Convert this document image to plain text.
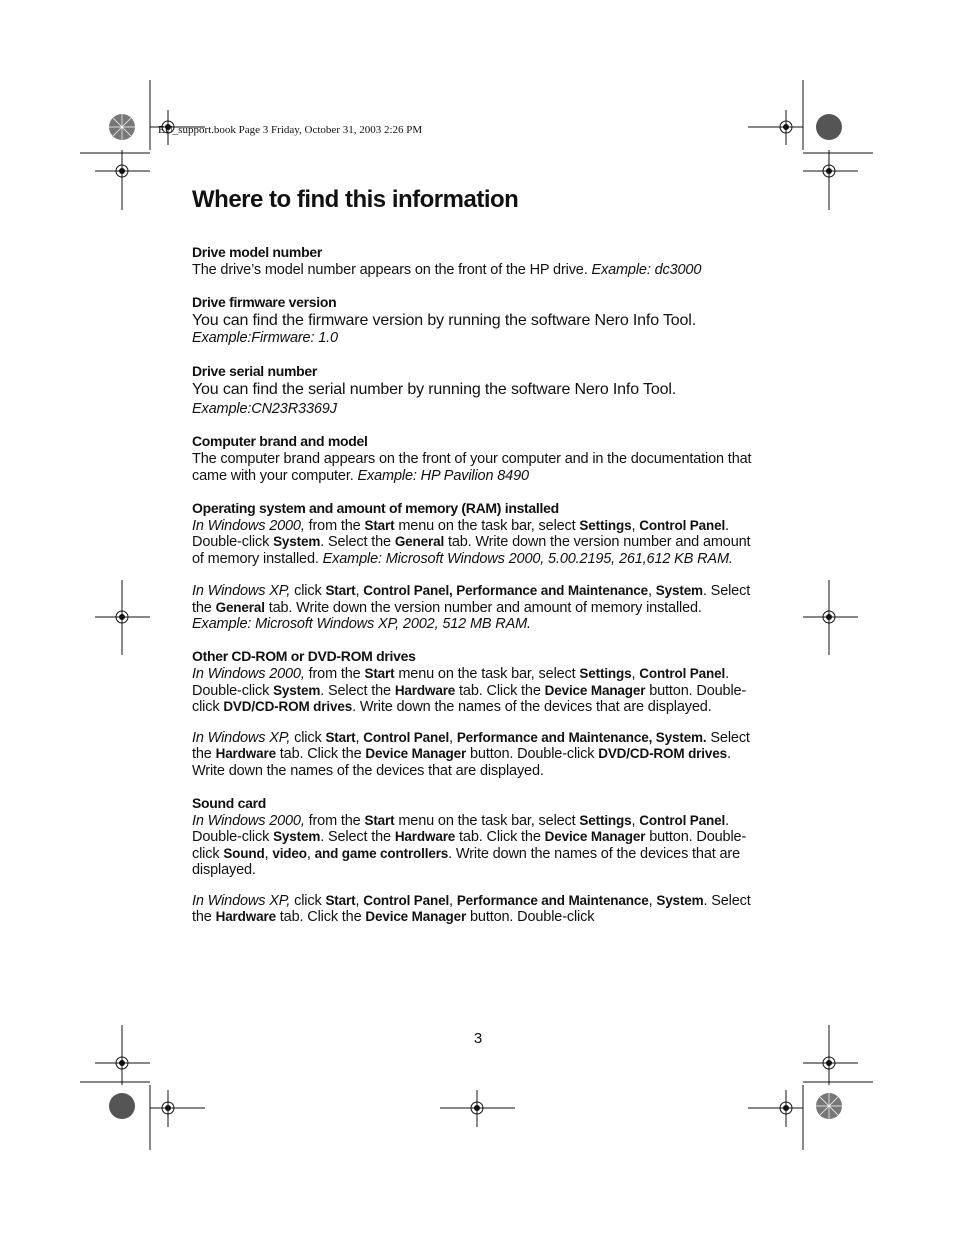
EU_support.book Page 3 Friday, October 31, 2003 2:26 PM
Where to find this information
Drive model number

The drive’s model number appears on the front of the HP drive. Example: dc3000

Drive firmware version

You can find the firmware version by running the software Nero Info Tool.

Example:Firmware: 1.0

Drive serial number

You can find the serial number by running the software Nero Info Tool.

Example:CN23R3369J

Computer brand and model

The computer brand appears on the front of your computer and in the documentation that came with your computer. Example: HP Pavilion 8490

Operating system and amount of memory (RAM) installed

In Windows 2000, from the Start menu on the task bar, select Settings, Control Panel. Double-click System. Select the General tab. Write down the version number and amount of memory installed. Example: Microsoft Windows 2000, 5.00.2195, 261,612 KB RAM.

In Windows XP, click Start, Control Panel, Performance and Maintenance, System. Select the General tab. Write down the version number and amount of memory installed. Example: Microsoft Windows XP, 2002, 512 MB RAM.

Other CD-ROM or DVD-ROM drives

In Windows 2000, from the Start menu on the task bar, select Settings, Control Panel. Double-click System. Select the Hardware tab. Click the Device Manager button. Double-click DVD/CD-ROM drives. Write down the names of the devices that are displayed.

In Windows XP, click Start, Control Panel, Performance and Maintenance, System. Select the Hardware tab. Click the Device Manager button. Double-click DVD/CD-ROM drives. Write down the names of the devices that are displayed.

Sound card

In Windows 2000, from the Start menu on the task bar, select Settings, Control Panel. Double-click System. Select the Hardware tab. Click the Device Manager button. Double-click Sound, video, and game controllers. Write down the names of the devices that are displayed.

In Windows XP, click Start, Control Panel, Performance and Maintenance, System. Select the Hardware tab. Click the Device Manager button. Double-click

3
